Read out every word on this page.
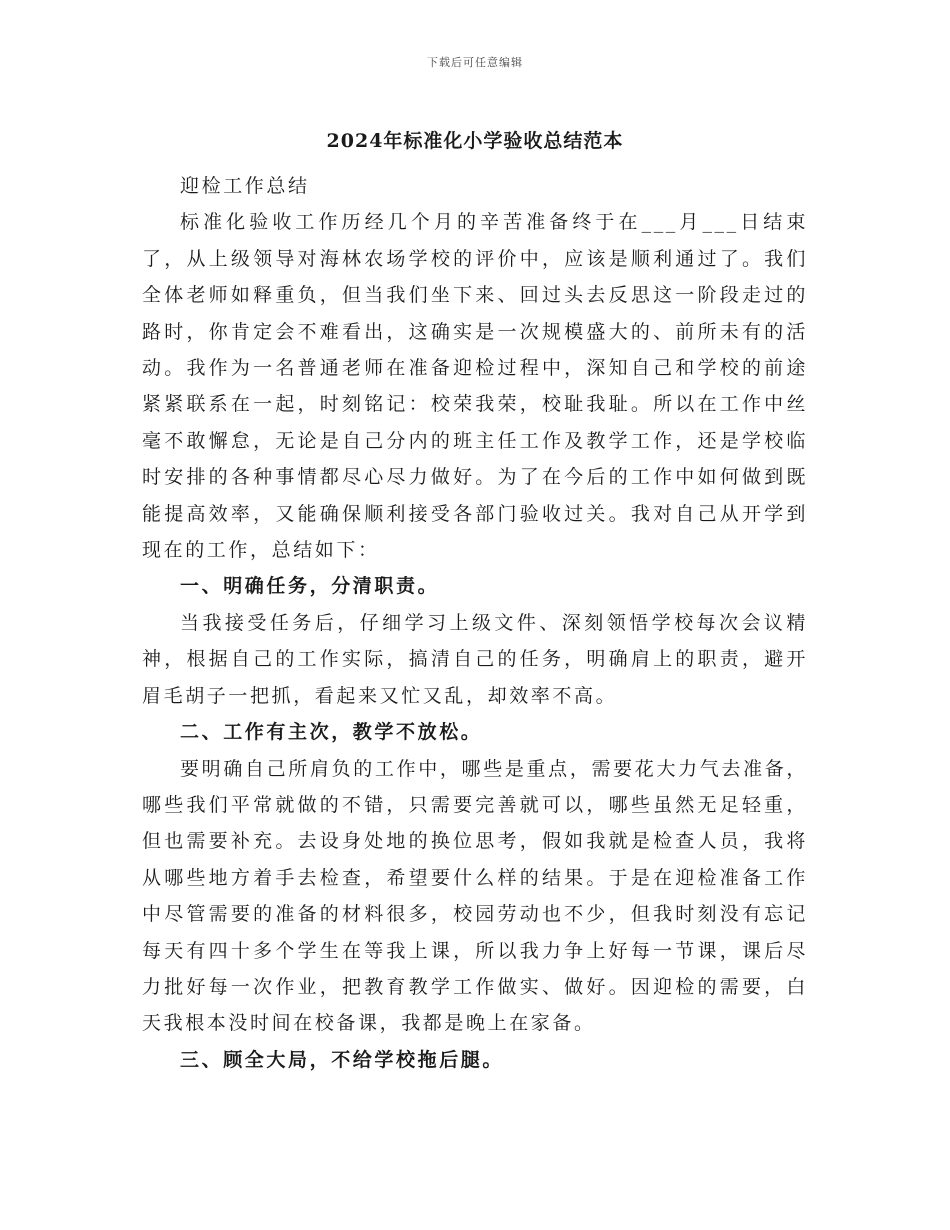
下载后可任意编辑
2024年标准化小学验收总结范本

迎检工作总结

标准化验收工作历经几个月的辛苦准备终于在___月___日结束了，从上级领导对海林农场学校的评价中，应该是顺利通过了。我们全体老师如释重负，但当我们坐下来、回过头去反思这一阶段走过的路时，你肯定会不难看出，这确实是一次规模盛大的、前所未有的活动。我作为一名普通老师在准备迎检过程中，深知自己和学校的前途紧紧联系在一起，时刻铭记：校荣我荣，校耻我耻。所以在工作中丝毫不敢懈怠，无论是自己分内的班主任工作及教学工作，还是学校临时安排的各种事情都尽心尽力做好。为了在今后的工作中如何做到既能提高效率，又能确保顺利接受各部门验收过关。我对自己从开学到现在的工作，总结如下：

一、明确任务，分清职责。

当我接受任务后，仔细学习上级文件、深刻领悟学校每次会议精神，根据自己的工作实际，搞清自己的任务，明确肩上的职责，避开眉毛胡子一把抓，看起来又忙又乱，却效率不高。

二、工作有主次，教学不放松。

要明确自己所肩负的工作中，哪些是重点，需要花大力气去准备，哪些我们平常就做的不错，只需要完善就可以，哪些虽然无足轻重，但也需要补充。去设身处地的换位思考，假如我就是检查人员，我将从哪些地方着手去检查，希望要什么样的结果。于是在迎检准备工作中尽管需要的准备的材料很多，校园劳动也不少，但我时刻没有忘记每天有四十多个学生在等我上课，所以我力争上好每一节课，课后尽力批好每一次作业，把教育教学工作做实、做好。因迎检的需要，白天我根本没时间在校备课，我都是晚上在家备。

三、顾全大局，不给学校拖后腿。
